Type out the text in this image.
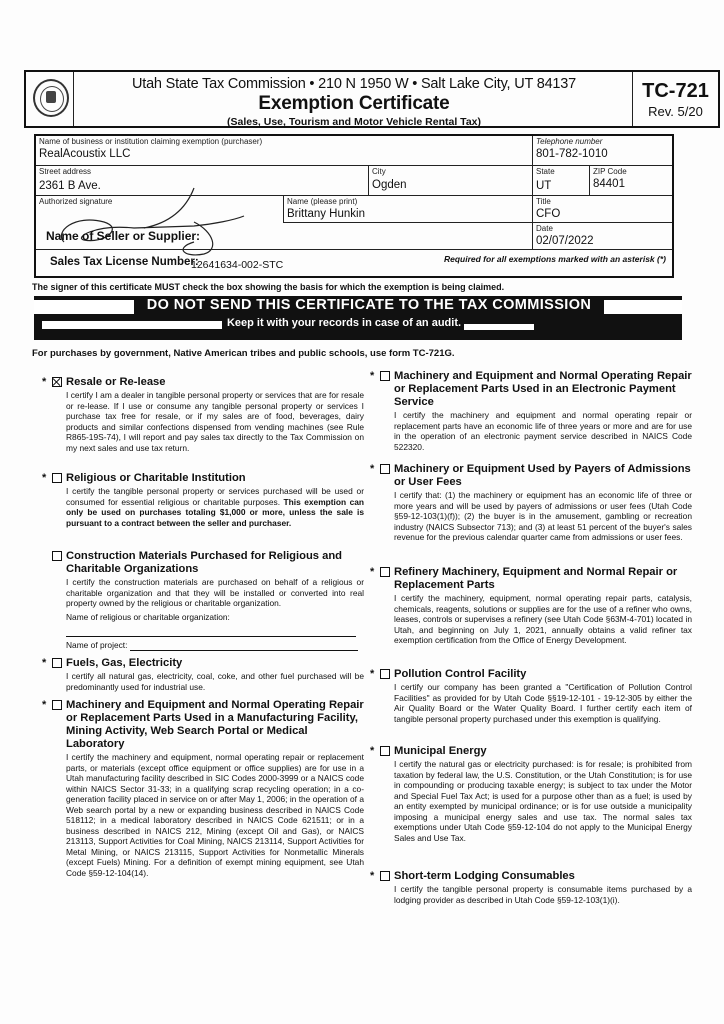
Utah State Tax Commission • 210 N 1950 W • Salt Lake City, UT 84137
Exemption Certificate
(Sales, Use, Tourism and Motor Vehicle Rental Tax)
TC-721
Rev. 5/20
Name of business or institution claiming exemption (purchaser)
RealAcoustix LLC
Telephone number
801-782-1010
Street address
2361 B Ave.
City
Ogden
State
UT
ZIP Code
84401
Authorized signature	Name (please print)
Brittany Hunkin
Title
CFO
Name of Seller or Supplier:
Date
02/07/2022
Sales Tax License Number:
12641634-002-STC	Required for all exemptions marked with an asterisk (*)
The signer of this certificate MUST check the box showing the basis for which the exemption is being claimed.
DO NOT SEND THIS CERTIFICATE TO THE TAX COMMISSION
Keep it with your records in case of an audit.
For purchases by government, Native American tribes and public schools, use form TC-721G.
* Resale or Re-lease
I certify I am a dealer in tangible personal property or services that are for resale or re-lease. If I use or consume any tangible personal property or services I purchase tax free for resale, or if my sales are of food, beverages, dairy products and similar confections dispensed from vending machines (see Rule R865-19S-74), I will report and pay sales tax directly to the Tax Commission on my next sales and use tax return.
* Religious or Charitable Institution
I certify the tangible personal property or services purchased will be used or consumed for essential religious or charitable purposes. This exemption can only be used on purchases totaling $1,000 or more, unless the sale is pursuant to a contract between the seller and purchaser.
Construction Materials Purchased for Religious and Charitable Organizations
I certify the construction materials are purchased on behalf of a religious or charitable organization and that they will be installed or converted into real property owned by the religious or charitable organization.
Name of religious or charitable organization:
Name of project:
* Fuels, Gas, Electricity
I certify all natural gas, electricity, coal, coke, and other fuel purchased will be predominantly used for industrial use.
* Machinery and Equipment and Normal Operating Repair or Replacement Parts Used in a Manufacturing Facility, Mining Activity, Web Search Portal or Medical Laboratory
I certify the machinery and equipment, normal operating repair or replacement parts, or materials (except office equipment or office supplies) are for use in a Utah manufacturing facility described in SIC Codes 2000-3999 or a NAICS code within NAICS Sector 31-33; in a qualifying scrap recycling operation; in a co-generation facility placed in service on or after May 1, 2006; in the operation of a Web search portal by a new or expanding business described in NAICS Code 518112; in a medical laboratory described in NAICS Code 621511; or in a business described in NAICS 212, Mining (except Oil and Gas), or NAICS 213113, Support Activities for Coal Mining, NAICS 213114, Support Activities for Metal Mining, or NAICS 213115, Support Activities for Nonmetallic Minerals (except Fuels) Mining. For a definition of exempt mining equipment, see Utah Code §59-12-104(14).
* Machinery and Equipment and Normal Operating Repair or Replacement Parts Used in an Electronic Payment Service
I certify the machinery and equipment and normal operating repair or replacement parts have an economic life of three years or more and are for use in the operation of an electronic payment service described in NAICS Code 522320.
* Machinery or Equipment Used by Payers of Admissions or User Fees
I certify that: (1) the machinery or equipment has an economic life of three or more years and will be used by payers of admissions or user fees (Utah Code §59-12-103(1)(f)); (2) the buyer is in the amusement, gambling or recreation industry (NAICS Subsector 713); and (3) at least 51 percent of the buyer's sales revenue for the previous calendar quarter came from admissions or user fees.
* Refinery Machinery, Equipment and Normal Repair or Replacement Parts
I certify the machinery, equipment, normal operating repair parts, catalysis, chemicals, reagents, solutions or supplies are for the use of a refiner who owns, leases, controls or supervises a refinery (see Utah Code §63M-4-701) located in Utah, and beginning on July 1, 2021, annually obtains a valid refiner tax exemption certification from the Office of Energy Development.
* Pollution Control Facility
I certify our company has been granted a "Certification of Pollution Control Facilities" as provided for by Utah Code §§19-12-101 - 19-12-305 by either the Air Quality Board or the Water Quality Board. I further certify each item of tangible personal property purchased under this exemption is qualifying.
* Municipal Energy
I certify the natural gas or electricity purchased: is for resale; is prohibited from taxation by federal law, the U.S. Constitution, or the Utah Constitution; is for use in compounding or producing taxable energy; is subject to tax under the Motor and Special Fuel Tax Act; is used for a purpose other than as a fuel; is used by an entity exempted by municipal ordinance; or is for use outside a municipality imposing a municipal energy sales and use tax. The normal sales tax exemptions under Utah Code §59-12-104 do not apply to the Municipal Energy Sales and Use Tax.
* Short-term Lodging Consumables
I certify the tangible personal property is consumable items purchased by a lodging provider as described in Utah Code §59-12-103(1)(i).
